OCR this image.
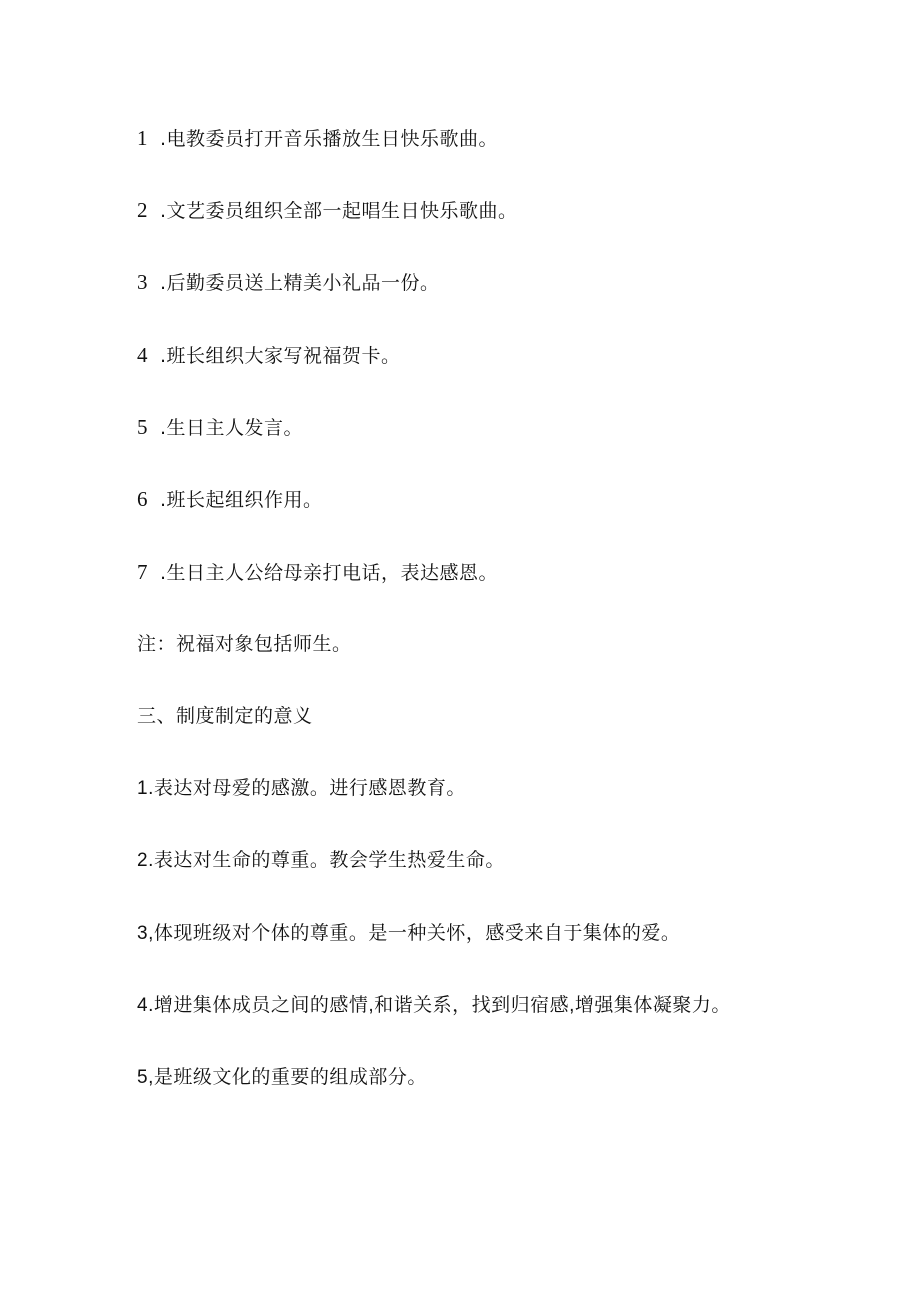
1 .电教委员打开音乐播放生日快乐歌曲。
2 .文艺委员组织全部一起唱生日快乐歌曲。
3 .后勤委员送上精美小礼品一份。
4 .班长组织大家写祝福贺卡。
5 .生日主人发言。
6 .班长起组织作用。
7 .生日主人公给母亲打电话，表达感恩。
注：祝福对象包括师生。
三、制度制定的意义
1.表达对母爱的感激。进行感恩教育。
2.表达对生命的尊重。教会学生热爱生命。
3,体现班级对个体的尊重。是一种关怀，感受来自于集体的爱。
4.增进集体成员之间的感情,和谐关系，找到归宿感,增强集体凝聚力。
5,是班级文化的重要的组成部分。
